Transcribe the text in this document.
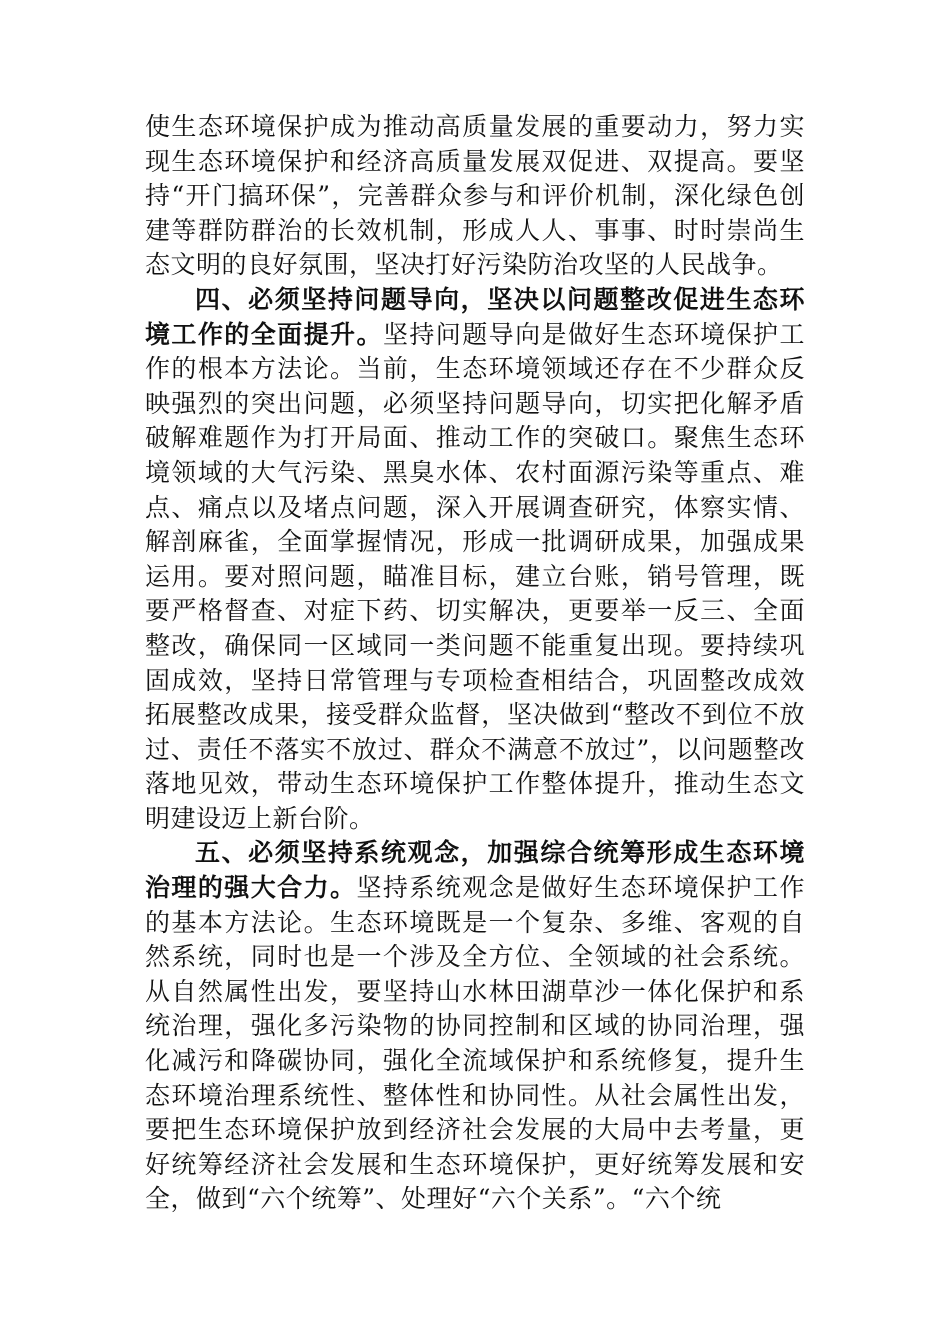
使生态环境保护成为推动高质量发展的重要动力，努力实现生态环境保护和经济高质量发展双促进、双提高。要坚持“开门搞环保”，完善群众参与和评价机制，深化绿色创建等群防群治的长效机制，形成人人、事事、时时崇尚生态文明的良好氛围，坚决打好污染防治攻坚的人民战争。

四、必须坚持问题导向，坚决以问题整改促进生态环境工作的全面提升。坚持问题导向是做好生态环境保护工作的根本方法论。当前，生态环境领域还存在不少群众反映强烈的突出问题，必须坚持问题导向，切实把化解矛盾破解难题作为打开局面、推动工作的突破口。聚焦生态环境领域的大气污染、黑臭水体、农村面源污染等重点、难点、痛点以及堵点问题，深入开展调查研究，体察实情、解剖麻雀，全面掌握情况，形成一批调研成果，加强成果运用。要对照问题，瞄准目标，建立台账，销号管理，既要严格督查、对症下药、切实解决，更要举一反三、全面整改，确保同一区域同一类问题不能重复出现。要持续巩固成效，坚持日常管理与专项检查相结合，巩固整改成效拓展整改成果，接受群众监督，坚决做到“整改不到位不放过、责任不落实不放过、群众不满意不放过”，以问题整改落地见效，带动生态环境保护工作整体提升，推动生态文明建设迈上新台阶。

五、必须坚持系统观念，加强综合统筹形成生态环境治理的强大合力。坚持系统观念是做好生态环境保护工作的基本方法论。生态环境既是一个复杂、多维、客观的自然系统，同时也是一个涉及全方位、全领域的社会系统。从自然属性出发，要坚持山水林田湖草沙一体化保护和系统治理，强化多污染物的协同控制和区域的协同治理，强化减污和降碳协同，强化全流域保护和系统修复，提升生态环境治理系统性、整体性和协同性。从社会属性出发，要把生态环境保护放到经济社会发展的大局中去考量，更好统筹经济社会发展和生态环境保护，更好统筹发展和安全，做到“六个统筹”、处理好“六个关系”。“六个统
